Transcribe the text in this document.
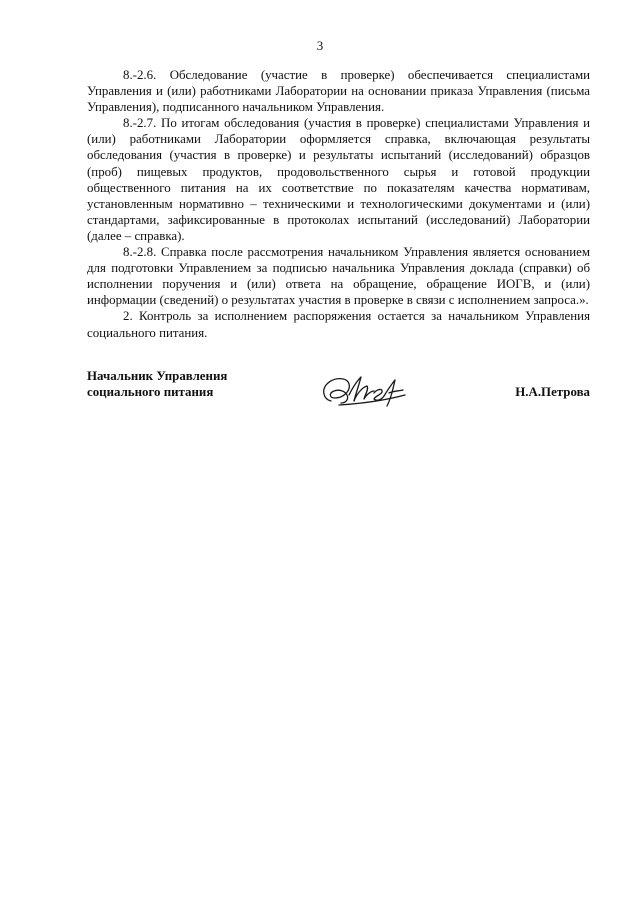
3

8.-2.6. Обследование (участие в проверке) обеспечивается специалистами Управления и (или) работниками Лаборатории на основании приказа Управления (письма Управления), подписанного начальником Управления.

8.-2.7. По итогам обследования (участия в проверке) специалистами Управления и (или) работниками Лаборатории оформляется справка, включающая результаты обследования (участия в проверке) и результаты испытаний (исследований) образцов (проб) пищевых продуктов, продовольственного сырья и готовой продукции общественного питания на их соответствие по показателям качества нормативам, установленным нормативно – техническими и технологическими документами и (или) стандартами, зафиксированные в протоколах испытаний (исследований) Лаборатории (далее – справка).

8.-2.8. Справка после рассмотрения начальником Управления является основанием для подготовки Управлением за подписью начальника Управления доклада (справки) об исполнении поручения и (или) ответа на обращение, обращение ИОГВ, и (или) информации (сведений) о результатах участия в проверке в связи с исполнением запроса.».

2. Контроль за исполнением распоряжения остается за начальником Управления социального питания.

Начальник Управления
социального питания	Н.А.Петрова
